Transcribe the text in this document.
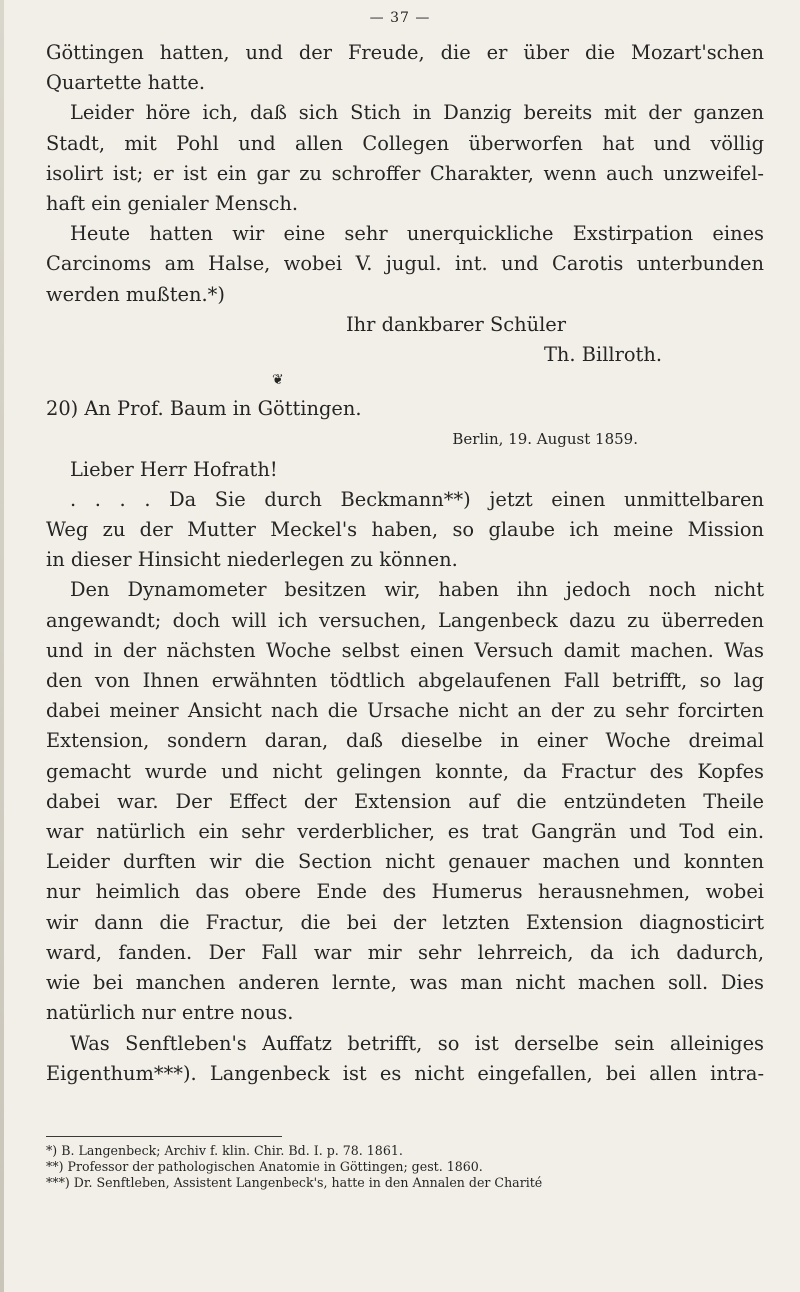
— 37 —

Göttingen hatten, und der Freude, die er über die Mozart'schen
Quartette hatte.

Leider höre ich, daß sich Stich in Danzig bereits mit der ganzen
Stadt, mit Pohl und allen Collegen überworfen hat und völlig
isolirt ist; er ist ein gar zu schroffer Charakter, wenn auch unzweifel-
haft ein genialer Mensch.

Heute hatten wir eine sehr unerquickliche Exstirpation eines
Carcinoms am Halse, wobei V. jugul. int. und Carotis unterbunden
werden mußten.*)

Ihr dankbarer Schüler

Th. Billroth.

❦

20) An Prof. Baum in Göttingen.

Berlin, 19. August 1859.

Lieber Herr Hofrath!

. . . . Da Sie durch Beckmann**) jetzt einen unmittelbaren
Weg zu der Mutter Meckel's haben, so glaube ich meine Mission
in dieser Hinsicht niederlegen zu können.

Den Dynamometer besitzen wir, haben ihn jedoch noch nicht
angewandt; doch will ich versuchen, Langenbeck dazu zu überreden
und in der nächsten Woche selbst einen Versuch damit machen. Was
den von Ihnen erwähnten tödtlich abgelaufenen Fall betrifft, so lag
dabei meiner Ansicht nach die Ursache nicht an der zu sehr forcirten
Extension, sondern daran, daß dieselbe in einer Woche dreimal
gemacht wurde und nicht gelingen konnte, da Fractur des Kopfes
dabei war. Der Effect der Extension auf die entzündeten Theile
war natürlich ein sehr verderblicher, es trat Gangrän und Tod ein.
Leider durften wir die Section nicht genauer machen und konnten
nur heimlich das obere Ende des Humerus herausnehmen, wobei
wir dann die Fractur, die bei der letzten Extension diagnosticirt
ward, fanden. Der Fall war mir sehr lehrreich, da ich dadurch,
wie bei manchen anderen lernte, was man nicht machen soll. Dies
natürlich nur entre nous.

Was Senftleben's Auffatz betrifft, so ist derselbe sein alleiniges
Eigenthum***). Langenbeck ist es nicht eingefallen, bei allen intra-

*) B. Langenbeck; Archiv f. klin. Chir. Bd. I. p. 78. 1861.

**) Professor der pathologischen Anatomie in Göttingen; gest. 1860.

***) Dr. Senftleben, Assistent Langenbeck's, hatte in den Annalen der Charité
